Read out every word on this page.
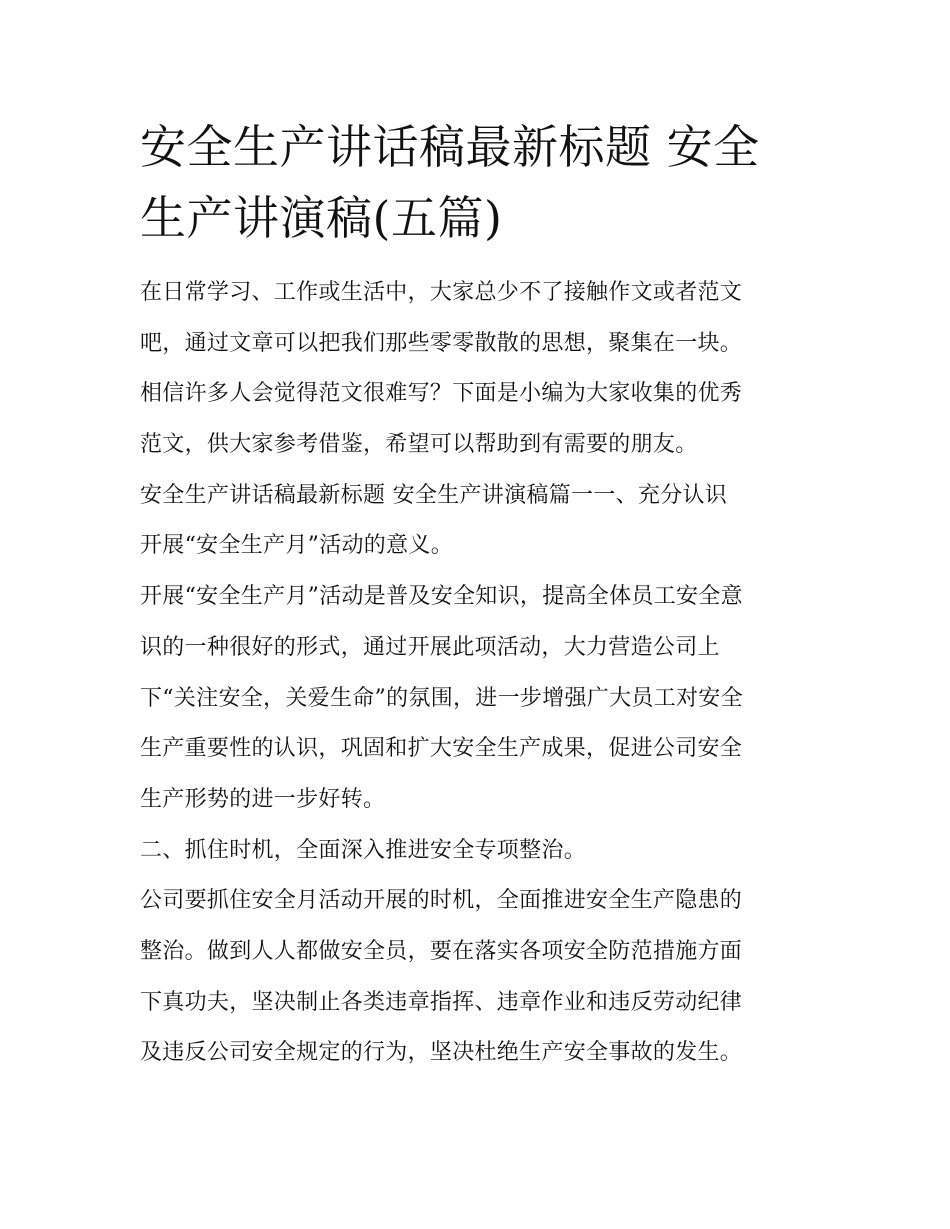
安全生产讲话稿最新标题 安全
生产讲演稿(五篇)
在日常学习、工作或生活中，大家总少不了接触作文或者范文
吧，通过文章可以把我们那些零零散散的思想，聚集在一块。
相信许多人会觉得范文很难写？下面是小编为大家收集的优秀
范文，供大家参考借鉴，希望可以帮助到有需要的朋友。
安全生产讲话稿最新标题 安全生产讲演稿篇一一、充分认识
开展“安全生产月”活动的意义。
开展“安全生产月”活动是普及安全知识，提高全体员工安全意
识的一种很好的形式，通过开展此项活动，大力营造公司上
下“关注安全，关爱生命”的氛围，进一步增强广大员工对安全
生产重要性的认识，巩固和扩大安全生产成果，促进公司安全
生产形势的进一步好转。
二、抓住时机，全面深入推进安全专项整治。
公司要抓住安全月活动开展的时机，全面推进安全生产隐患的
整治。做到人人都做安全员，要在落实各项安全防范措施方面
下真功夫，坚决制止各类违章指挥、违章作业和违反劳动纪律
及违反公司安全规定的行为，坚决杜绝生产安全事故的发生。
